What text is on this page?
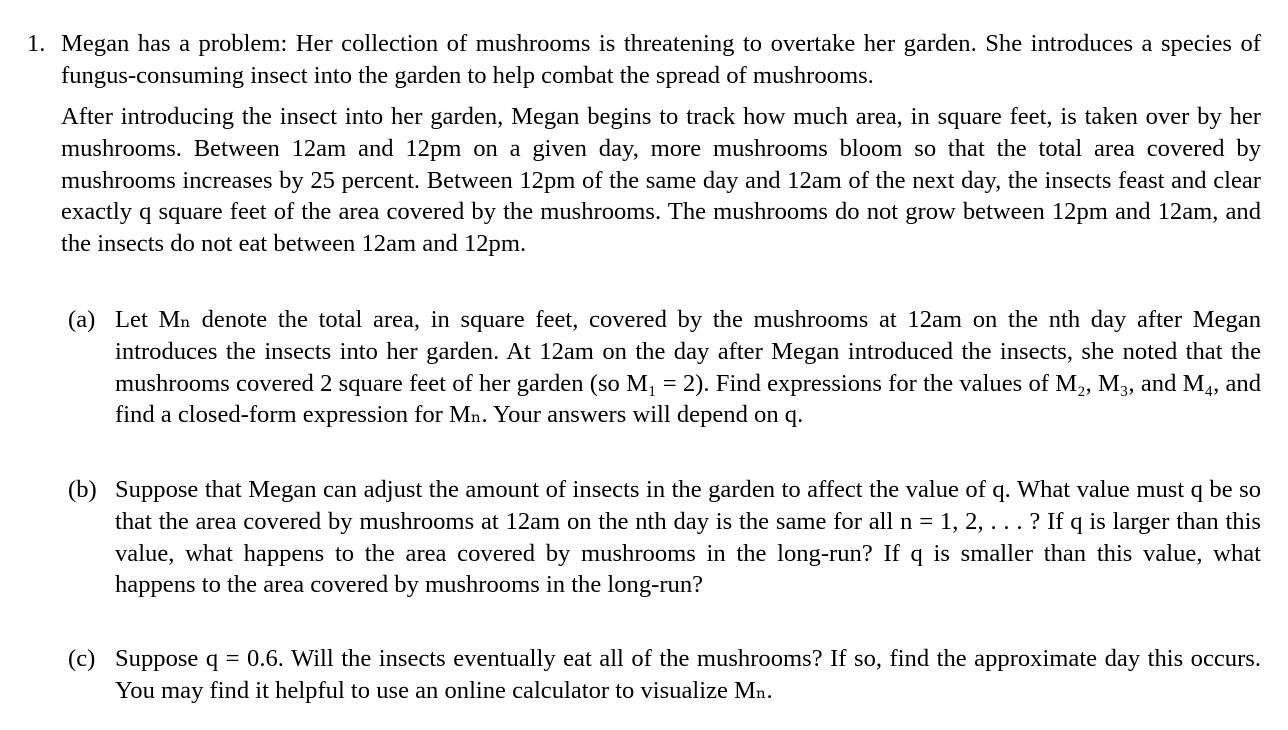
1. Megan has a problem: Her collection of mushrooms is threatening to overtake her garden. She introduces a species of fungus-consuming insect into the garden to help combat the spread of mushrooms.
After introducing the insect into her garden, Megan begins to track how much area, in square feet, is taken over by her mushrooms. Between 12am and 12pm on a given day, more mushrooms bloom so that the total area covered by mushrooms increases by 25 percent. Between 12pm of the same day and 12am of the next day, the insects feast and clear exactly q square feet of the area covered by the mushrooms. The mushrooms do not grow between 12pm and 12am, and the insects do not eat between 12am and 12pm.
(a) Let Mₙ denote the total area, in square feet, covered by the mushrooms at 12am on the nth day after Megan introduces the insects into her garden. At 12am on the day after Megan introduced the insects, she noted that the mushrooms covered 2 square feet of her garden (so M₁ = 2). Find expressions for the values of M₂, M₃, and M₄, and find a closed-form expression for Mₙ. Your answers will depend on q.
(b) Suppose that Megan can adjust the amount of insects in the garden to affect the value of q. What value must q be so that the area covered by mushrooms at 12am on the nth day is the same for all n = 1, 2, . . . ? If q is larger than this value, what happens to the area covered by mushrooms in the long-run? If q is smaller than this value, what happens to the area covered by mushrooms in the long-run?
(c) Suppose q = 0.6. Will the insects eventually eat all of the mushrooms? If so, find the approximate day this occurs. You may find it helpful to use an online calculator to visualize Mₙ.
